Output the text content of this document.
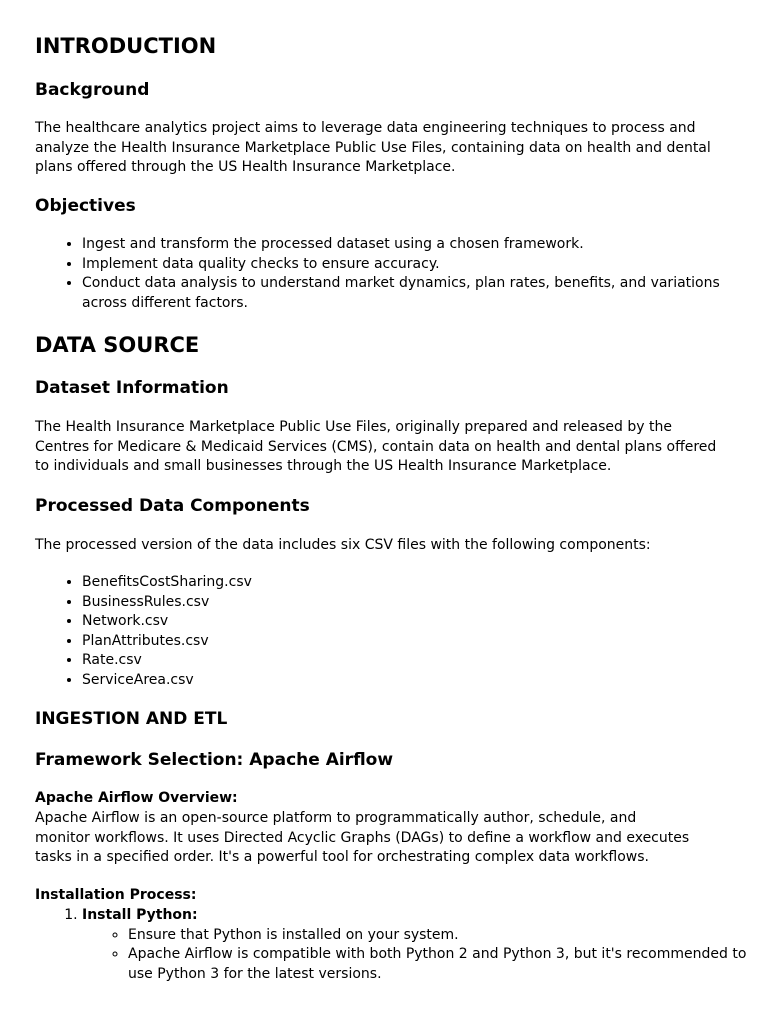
INTRODUCTION
Background

The healthcare analytics project aims to leverage data engineering techniques to process and analyze the Health Insurance Marketplace Public Use Files, containing data on health and dental plans offered through the US Health Insurance Marketplace.

Objectives
• Ingest and transform the processed dataset using a chosen framework.
• Implement data quality checks to ensure accuracy.
• Conduct data analysis to understand market dynamics, plan rates, benefits, and variations across different factors.
DATA SOURCE
Dataset Information

The Health Insurance Marketplace Public Use Files, originally prepared and released by the Centres for Medicare & Medicaid Services (CMS), contain data on health and dental plans offered to individuals and small businesses through the US Health Insurance Marketplace.

Processed Data Components

The processed version of the data includes six CSV files with the following components:

• BenefitsCostSharing.csv
• BusinessRules.csv
• Network.csv
• PlanAttributes.csv
• Rate.csv
• ServiceArea.csv
INGESTION AND ETL
Framework Selection: Apache Airflow
Apache Airflow Overview:

Apache Airflow is an open-source platform to programmatically author, schedule, and monitor workflows. It uses Directed Acyclic Graphs (DAGs) to define a workflow and executes tasks in a specified order. It's a powerful tool for orchestrating complex data workflows.

Installation Process:
1. Install Python:
◦ Ensure that Python is installed on your system.
◦ Apache Airflow is compatible with both Python 2 and Python 3, but it's recommended to use Python 3 for the latest versions.
